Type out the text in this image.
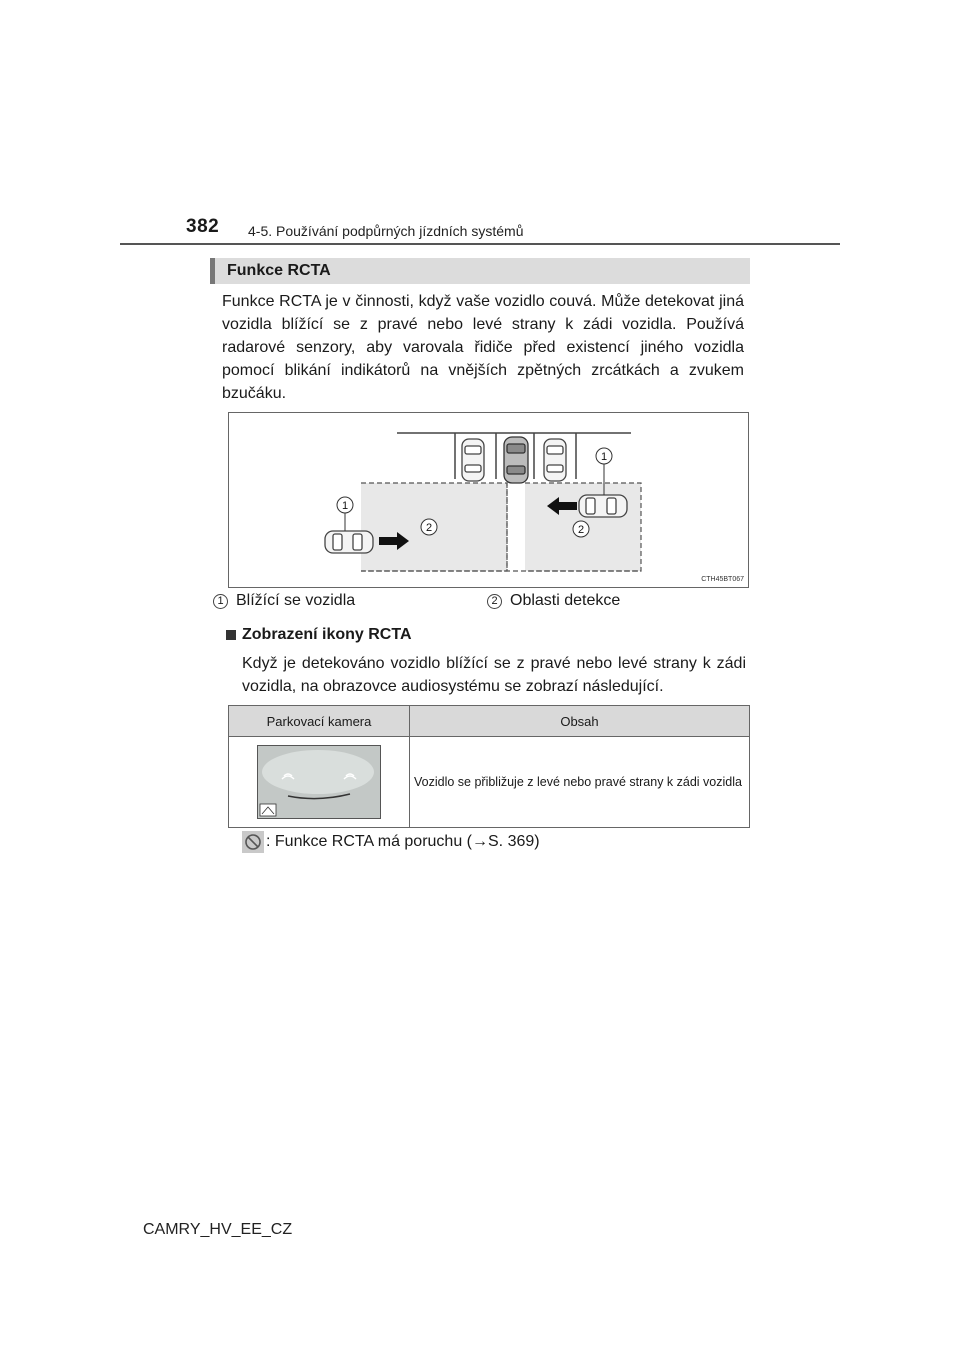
382 4-5. Používání podpůrných jízdních systémů
Funkce RCTA
Funkce RCTA je v činnosti, když vaše vozidlo couvá. Může detekovat jiná vozidla blížící se z pravé nebo levé strany k zádi vozidla. Používá radarové senzory, aby varovala řidiče před existencí jiného vozidla pomocí blikání indikátorů na vnějších zpětných zrcátkách a zvukem bzučáku.
1
1
2	2
CTH45BT067
1 Blížící se vozidla	2 Oblasti detekce
Zobrazení ikony RCTA
Když je detekováno vozidlo blížící se z pravé nebo levé strany k zádi vozidla, na obrazovce audiosystému se zobrazí následující.
Parkovací kamera	Obsah
	Vozidlo se přibližuje z levé nebo pravé strany k zádi vozidla
: Funkce RCTA má poruchu (→S. 369)
CAMRY_HV_EE_CZ
